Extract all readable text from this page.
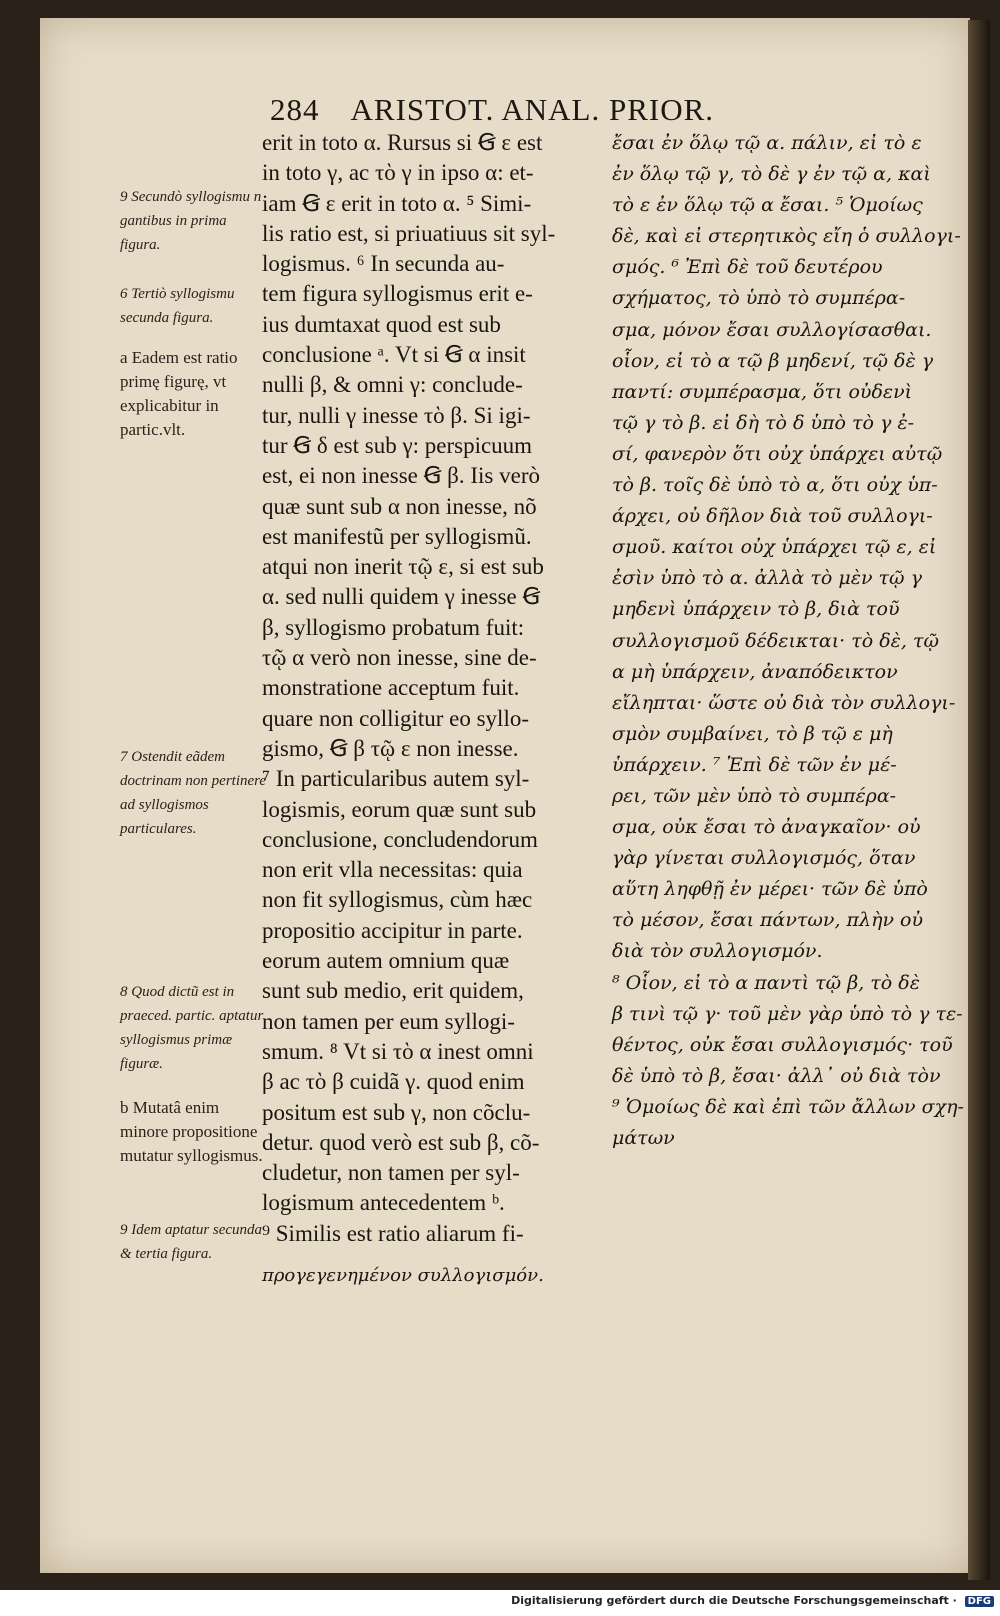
284 ARISTOT. ANAL. PRIOR.
9 Secundò syllogismu n gantibus in prima figura.
6 Tertiò syllogismu secunda figura.
a Eadem est ratio primę figurę, vt explicabitur in partic.vlt.
7 Ostendit eãdem doctrinam non pertinere ad syllogismos particulares.
8 Quod dictũ est in praeced. partic. aptatur syllogismus primæ figuræ.
b Mutatâ enim minore propositione mutatur syllogismus.
9 Idem aptatur secunda & tertia figura.
erit in toto α. Rursus si Ꞡ ε est
in toto γ, ac τὸ γ in ipso α: et-
iam Ꞡ ε erit in toto α. ⁵ Simi-
lis ratio est, si priuatiuus sit syl-
logismus. ⁶ In secunda au-
tem figura syllogismus erit e-
ius dumtaxat quod est sub
conclusione ᵃ. Vt si Ꞡ α insit
nulli β, & omni γ: conclude-
tur, nulli γ inesse τὸ β. Si igi-
tur Ꞡ δ est sub γ: perspicuum
est, ei non inesse Ꞡ β. Iis verò
quæ sunt sub α non inesse, nõ
est manifestũ per syllogismũ.
atqui non inerit τῷ ε, si est sub
α. sed nulli quidem γ inesse Ꞡ
β, syllogismo probatum fuit:
τῷ α verò non inesse, sine de-
monstratione acceptum fuit.
quare non colligitur eo syllo-
gismo, Ꞡ β τῷ ε non inesse.
⁷ In particularibus autem syl-
logismis, eorum quæ sunt sub
conclusione, concludendorum
non erit vlla necessitas: quia
non fit syllogismus, cùm hæc
propositio accipitur in parte.
eorum autem omnium quæ
sunt sub medio, erit quidem,
non tamen per eum syllogi-
smum. ⁸ Vt si τὸ α inest omni
β ac τὸ β cuidã γ. quod enim
positum est sub γ, non cõclu-
detur. quod verò est sub β, cõ-
cludetur, non tamen per syl-
logismum antecedentem ᵇ.
⁹ Similis est ratio aliarum fi-
ἔσαι ἐν ὅλῳ τῷ α. πάλιν, εἰ τὸ ε
ἐν ὅλῳ τῷ γ, τὸ δὲ γ ἐν τῷ α, καὶ
τὸ ε ἐν ὅλῳ τῷ α ἔσαι. ⁵ Ὁμοίως
δὲ, καὶ εἰ στερητικὸς εἴη ὁ συλλογι-
σμός. ⁶ Ἐπὶ δὲ τοῦ δευτέρου
σχήματος, τὸ ὑπὸ τὸ συμπέρα-
σμα, μόνον ἔσαι συλλογίσασθαι.
οἷον, εἰ τὸ α τῷ β μηδενί, τῷ δὲ γ
παντί: συμπέρασμα, ὅτι οὐδενὶ
τῷ γ τὸ β. εἰ δὴ τὸ δ ὑπὸ τὸ γ ἐ-
σί, φανερὸν ὅτι οὐχ ὑπάρχει αὐτῷ
τὸ β. τοῖς δὲ ὑπὸ τὸ α, ὅτι οὐχ ὑπ-
άρχει, οὐ δῆλον διὰ τοῦ συλλογι-
σμοῦ. καίτοι οὐχ ὑπάρχει τῷ ε, εἰ
ἐσὶν ὑπὸ τὸ α. ἀλλὰ τὸ μὲν τῷ γ
μηδενὶ ὑπάρχειν τὸ β, διὰ τοῦ
συλλογισμοῦ δέδεικται· τὸ δὲ, τῷ
α μὴ ὑπάρχειν, ἀναπόδεικτον
εἴληπται· ὥστε οὐ διὰ τὸν συλλογι-
σμὸν συμβαίνει, τὸ β τῷ ε μὴ
ὑπάρχειν. ⁷ Ἐπὶ δὲ τῶν ἐν μέ-
ρει, τῶν μὲν ὑπὸ τὸ συμπέρα-
σμα, οὐκ ἔσαι τὸ ἀναγκαῖον· οὐ
γὰρ γίνεται συλλογισμός, ὅταν
αὕτη ληφθῇ ἐν μέρει· τῶν δὲ ὑπὸ
τὸ μέσον, ἔσαι πάντων, πλὴν οὐ
διὰ τὸν συλλογισμόν.
⁸ Οἷον, εἰ τὸ α παντὶ τῷ β, τὸ δὲ
β τινὶ τῷ γ· τοῦ μὲν γὰρ ὑπὸ τὸ γ τε-
θέντος, οὐκ ἔσαι συλλογισμός· τοῦ
δὲ ὑπὸ τὸ β, ἔσαι· ἀλλ᾽ οὐ διὰ τὸν
⁹ Ὁμοίως δὲ καὶ ἐπὶ τῶν ἄλλων σχη-
μάτων
προγεγενημένον συλλογισμόν.
Digitalisierung gefördert durch die Deutsche Forschungsgemeinschaft · DFG
